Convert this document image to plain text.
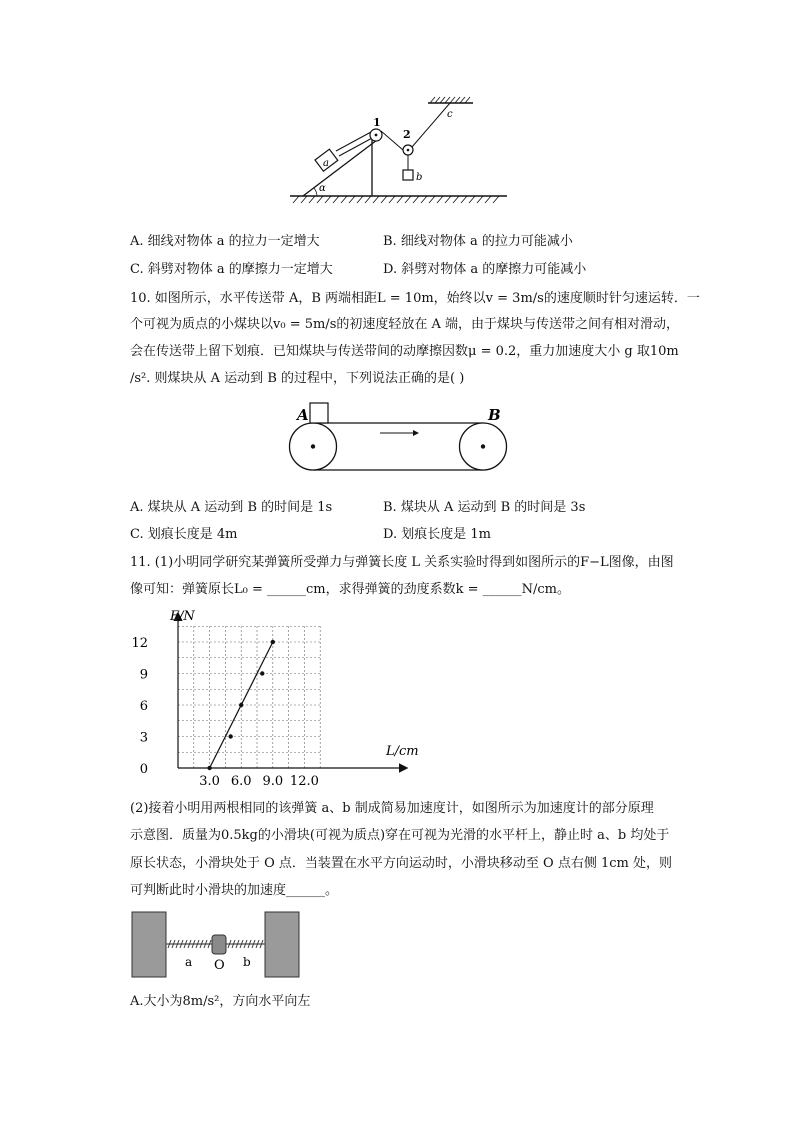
α
a
1
2
c
b
A. 细线对物体 a 的拉力一定增大	B. 细线对物体 a 的拉力可能减小
C. 斜劈对物体 a 的摩擦力一定增大	D. 斜劈对物体 a 的摩擦力可能减小
10. 如图所示，水平传送带 A，B 两端相距L = 10m，始终以v = 3m/s的速度顺时针匀速运转．一
个可视为质点的小煤块以v₀ = 5m/s的初速度轻放在 A 端，由于煤块与传送带之间有相对滑动，
会在传送带上留下划痕．已知煤块与传送带间的动摩擦因数μ = 0.2，重力加速度大小 g 取10m
/s². 则煤块从 A 运动到 B 的过程中，下列说法正确的是( )
A	B
A. 煤块从 A 运动到 B 的时间是 1s	B. 煤块从 A 运动到 B 的时间是 3s
C. 划痕长度是 4m	D. 划痕长度是 1m
11. (1)小明同学研究某弹簧所受弹力与弹簧长度 L 关系实验时得到如图所示的F−L图像，由图
像可知：弹簧原长L₀ = ______cm，求得弹簧的劲度系数k = ______N/cm。
3.0 6.0 9.0 12.0
0
3
6
9
12
F/N
L/cm
(2)接着小明用两根相同的该弹簧 a、b 制成简易加速度计，如图所示为加速度计的部分原理
示意图．质量为0.5kg的小滑块(可视为质点)穿在可视为光滑的水平杆上，静止时 a、b 均处于
原长状态，小滑块处于 O 点．当装置在水平方向运动时，小滑块移动至 O 点右侧 1cm 处，则
可判断此时小滑块的加速度______。
a O b
A.大小为8m/s²，方向水平向左
